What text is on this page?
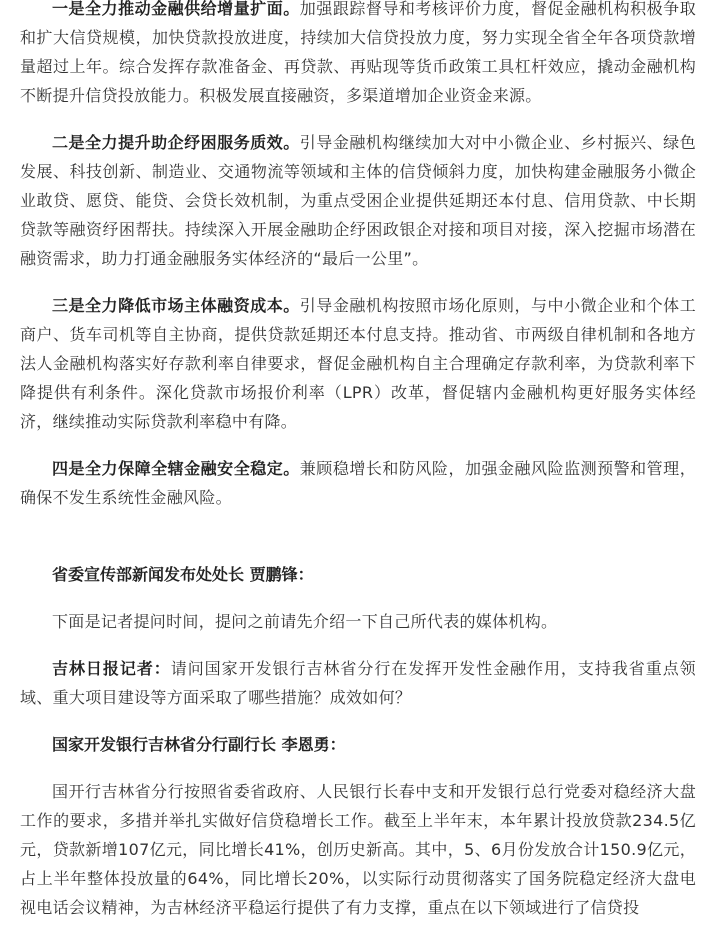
一是全力推动金融供给增量扩面。加强跟踪督导和考核评价力度，督促金融机构积极争取和扩大信贷规模，加快贷款投放进度，持续加大信贷投放力度，努力实现全省全年各项贷款增量超过上年。综合发挥存款准备金、再贷款、再贴现等货币政策工具杠杆效应，撬动金融机构不断提升信贷投放能力。积极发展直接融资，多渠道增加企业资金来源。

二是全力提升助企纾困服务质效。引导金融机构继续加大对中小微企业、乡村振兴、绿色发展、科技创新、制造业、交通物流等领域和主体的信贷倾斜力度，加快构建金融服务小微企业敢贷、愿贷、能贷、会贷长效机制，为重点受困企业提供延期还本付息、信用贷款、中长期贷款等融资纾困帮扶。持续深入开展金融助企纾困政银企对接和项目对接，深入挖掘市场潜在融资需求，助力打通金融服务实体经济的“最后一公里”。

三是全力降低市场主体融资成本。引导金融机构按照市场化原则，与中小微企业和个体工商户、货车司机等自主协商，提供贷款延期还本付息支持。推动省、市两级自律机制和各地方法人金融机构落实好存款利率自律要求，督促金融机构自主合理确定存款利率，为贷款利率下降提供有利条件。深化贷款市场报价利率（LPR）改革，督促辖内金融机构更好服务实体经济，继续推动实际贷款利率稳中有降。

四是全力保障全辖金融安全稳定。兼顾稳增长和防风险，加强金融风险监测预警和管理，确保不发生系统性金融风险。

省委宣传部新闻发布处处长 贾鹏锋：

下面是记者提问时间，提问之前请先介绍一下自己所代表的媒体机构。

吉林日报记者：请问国家开发银行吉林省分行在发挥开发性金融作用，支持我省重点领域、重大项目建设等方面采取了哪些措施？成效如何？

国家开发银行吉林省分行副行长 李恩勇：

国开行吉林省分行按照省委省政府、人民银行长春中支和开发银行总行党委对稳经济大盘工作的要求，多措并举扎实做好信贷稳增长工作。截至上半年末，本年累计投放贷款234.5亿元，贷款新增107亿元，同比增长41%，创历史新高。其中，5、6月份发放合计150.9亿元，占上半年整体投放量的64%，同比增长20%，以实际行动贯彻落实了国务院稳定经济大盘电视电话会议精神，为吉林经济平稳运行提供了有力支撑，重点在以下领域进行了信贷投
